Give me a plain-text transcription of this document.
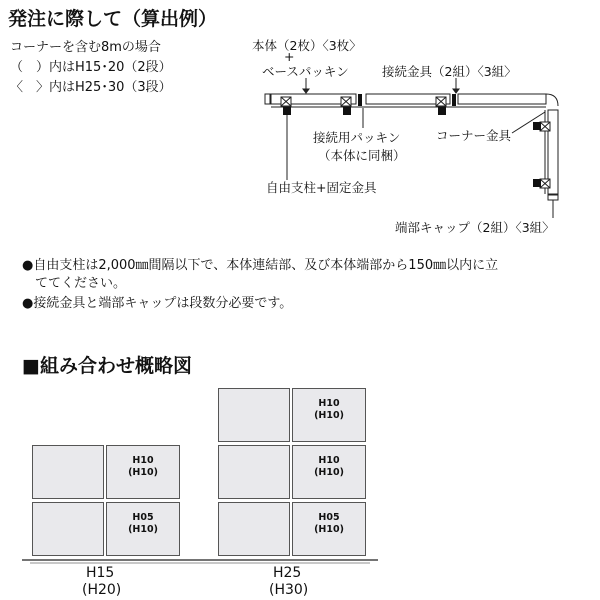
発注に際して（算出例）
コーナーを含む8mの場合
（　）内はH15･20（2段）
〈　〉内はH25･30（3段）
本体（2枚）〈3枚〉
+
ベースパッキン	接続金具（2組）〈3組〉
接続用パッキン
（本体に同梱）
コーナー金具
自由支柱+固定金具
端部キャップ（2組）〈3組〉
●自由支柱は2,000㎜間隔以下で、本体連結部、及び本体端部から150㎜以内に立
　ててください。
●接続金具と端部キャップは段数分必要です。
■組み合わせ概略図

H10
(H10)

H05
(H10)

H10
(H10)

H10
(H10)

H05
(H10)
H15
(H20)
H25
(H30)
